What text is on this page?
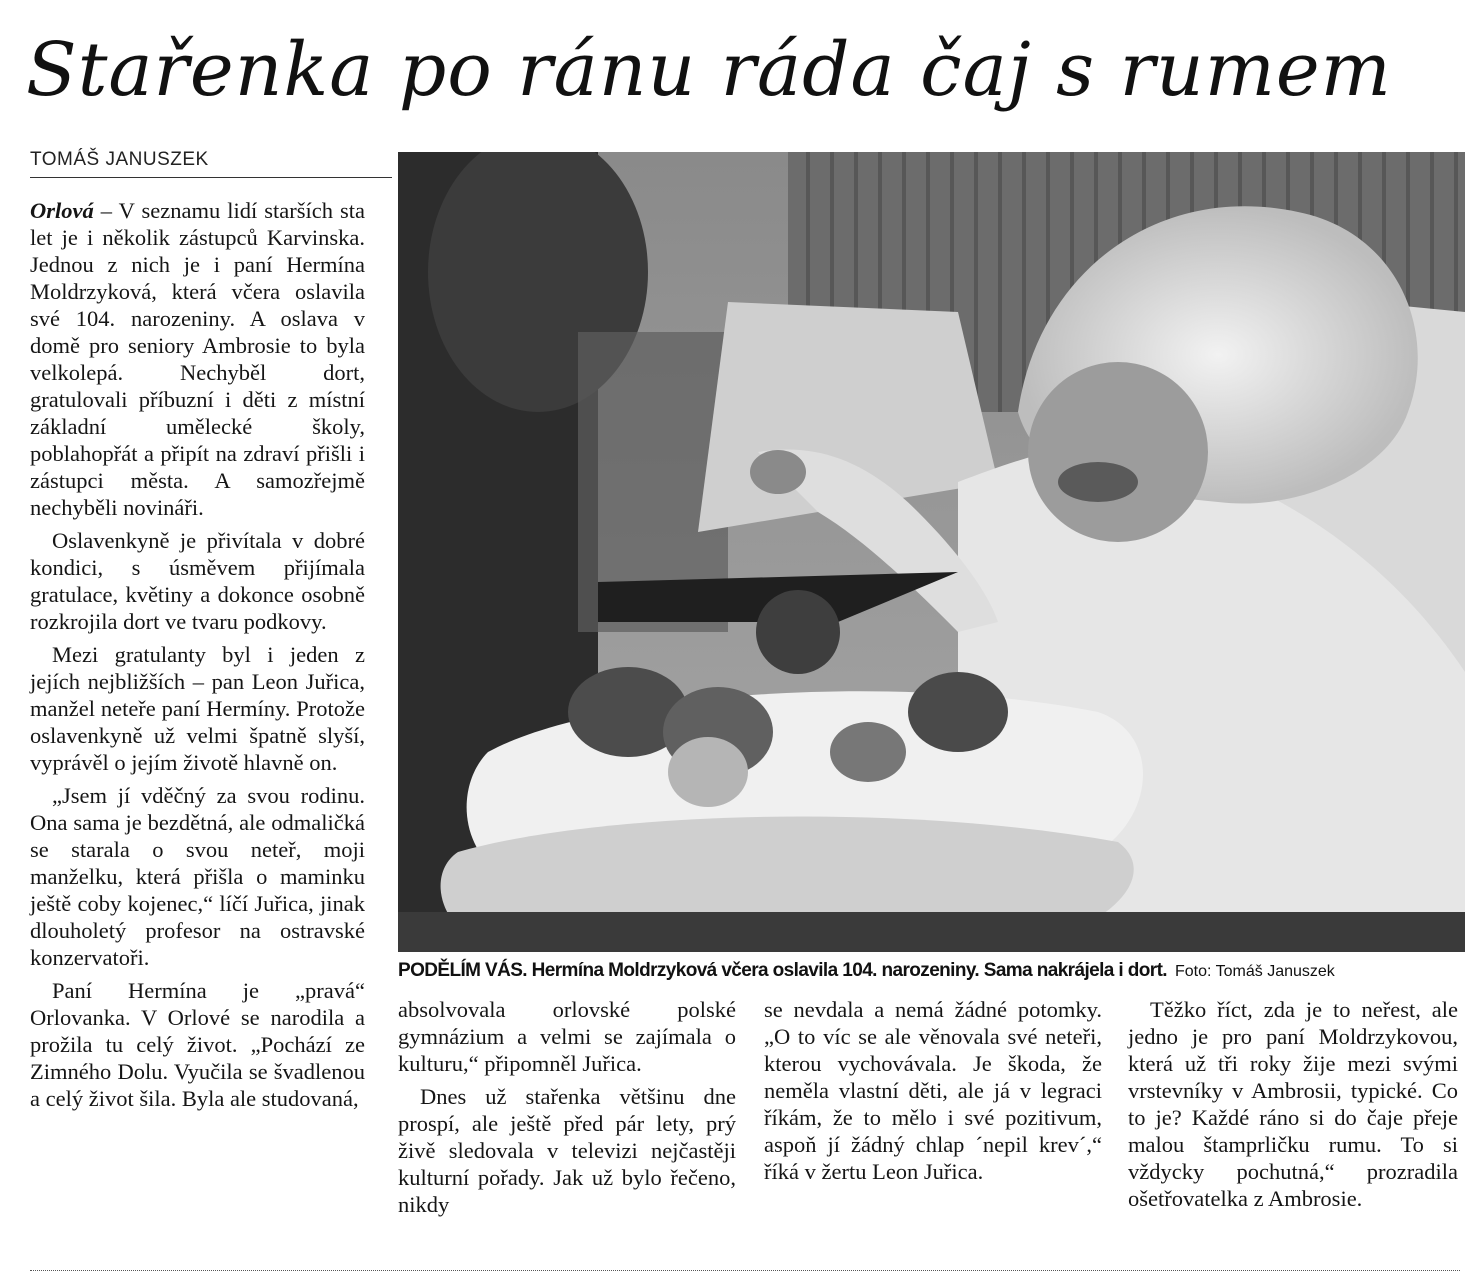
Stařenka po ránu ráda čaj s rumem
TOMÁŠ JANUSZEK

Orlová – V seznamu lidí starších sta let je i několik zástupců Karvinska. Jednou z nich je i paní Hermína Moldrzyková, která včera oslavila své 104. narozeniny. A oslava v domě pro seniory Ambrosie to byla velkolepá. Nechyběl dort, gratulovali příbuzní i děti z místní základní umělecké školy, poblahopřát a připít na zdraví přišli i zástupci města. A samozřejmě nechyběli novináři.

Oslavenkyně je přivítala v dobré kondici, s úsměvem přijímala gratulace, květiny a dokonce osobně rozkrojila dort ve tvaru podkovy.

Mezi gratulanty byl i jeden z jejích nejbližších – pan Leon Juřica, manžel neteře paní Hermíny. Protože oslavenkyně už velmi špatně slyší, vyprávěl o jejím životě hlavně on.

„Jsem jí vděčný za svou rodinu. Ona sama je bezdětná, ale odmaličká se starala o svou neteř, moji manželku, která přišla o maminku ještě coby kojenec,“ líčí Juřica, jinak dlouholetý profesor na ostravské konzervatoři.

Paní Hermína je „pravá“ Orlovanka. V Orlové se narodila a prožila tu celý život. „Pochází ze Zimného Dolu. Vyučila se švadlenou a celý život šila. Byla ale studovaná,

PODĚLÍM VÁS. Hermína Moldrzyková včera oslavila 104. narozeniny. Sama nakrájela i dort. Foto: Tomáš Januszek

absolvovala orlovské polské gymnázium a velmi se zajímala o kulturu,“ připomněl Juřica.

Dnes už stařenka většinu dne prospí, ale ještě před pár lety, prý živě sledovala v televizi nejčastěji kulturní pořady. Jak už bylo řečeno, nikdy

se nevdala a nemá žádné potomky. „O to víc se ale věnovala své neteři, kterou vychovávala. Je škoda, že neměla vlastní děti, ale já v legraci říkám, že to mělo i své pozitivum, aspoň jí žádný chlap ´nepil krev´,“ říká v žertu Leon Juřica.

Těžko říct, zda je to neřest, ale jedno je pro paní Moldrzykovou, která už tři roky žije mezi svými vrstevníky v Ambrosii, typické. Co to je? Každé ráno si do čaje přeje malou štamprličku rumu. To si vždycky pochutná,“ prozradila ošetřovatelka z Ambrosie.
